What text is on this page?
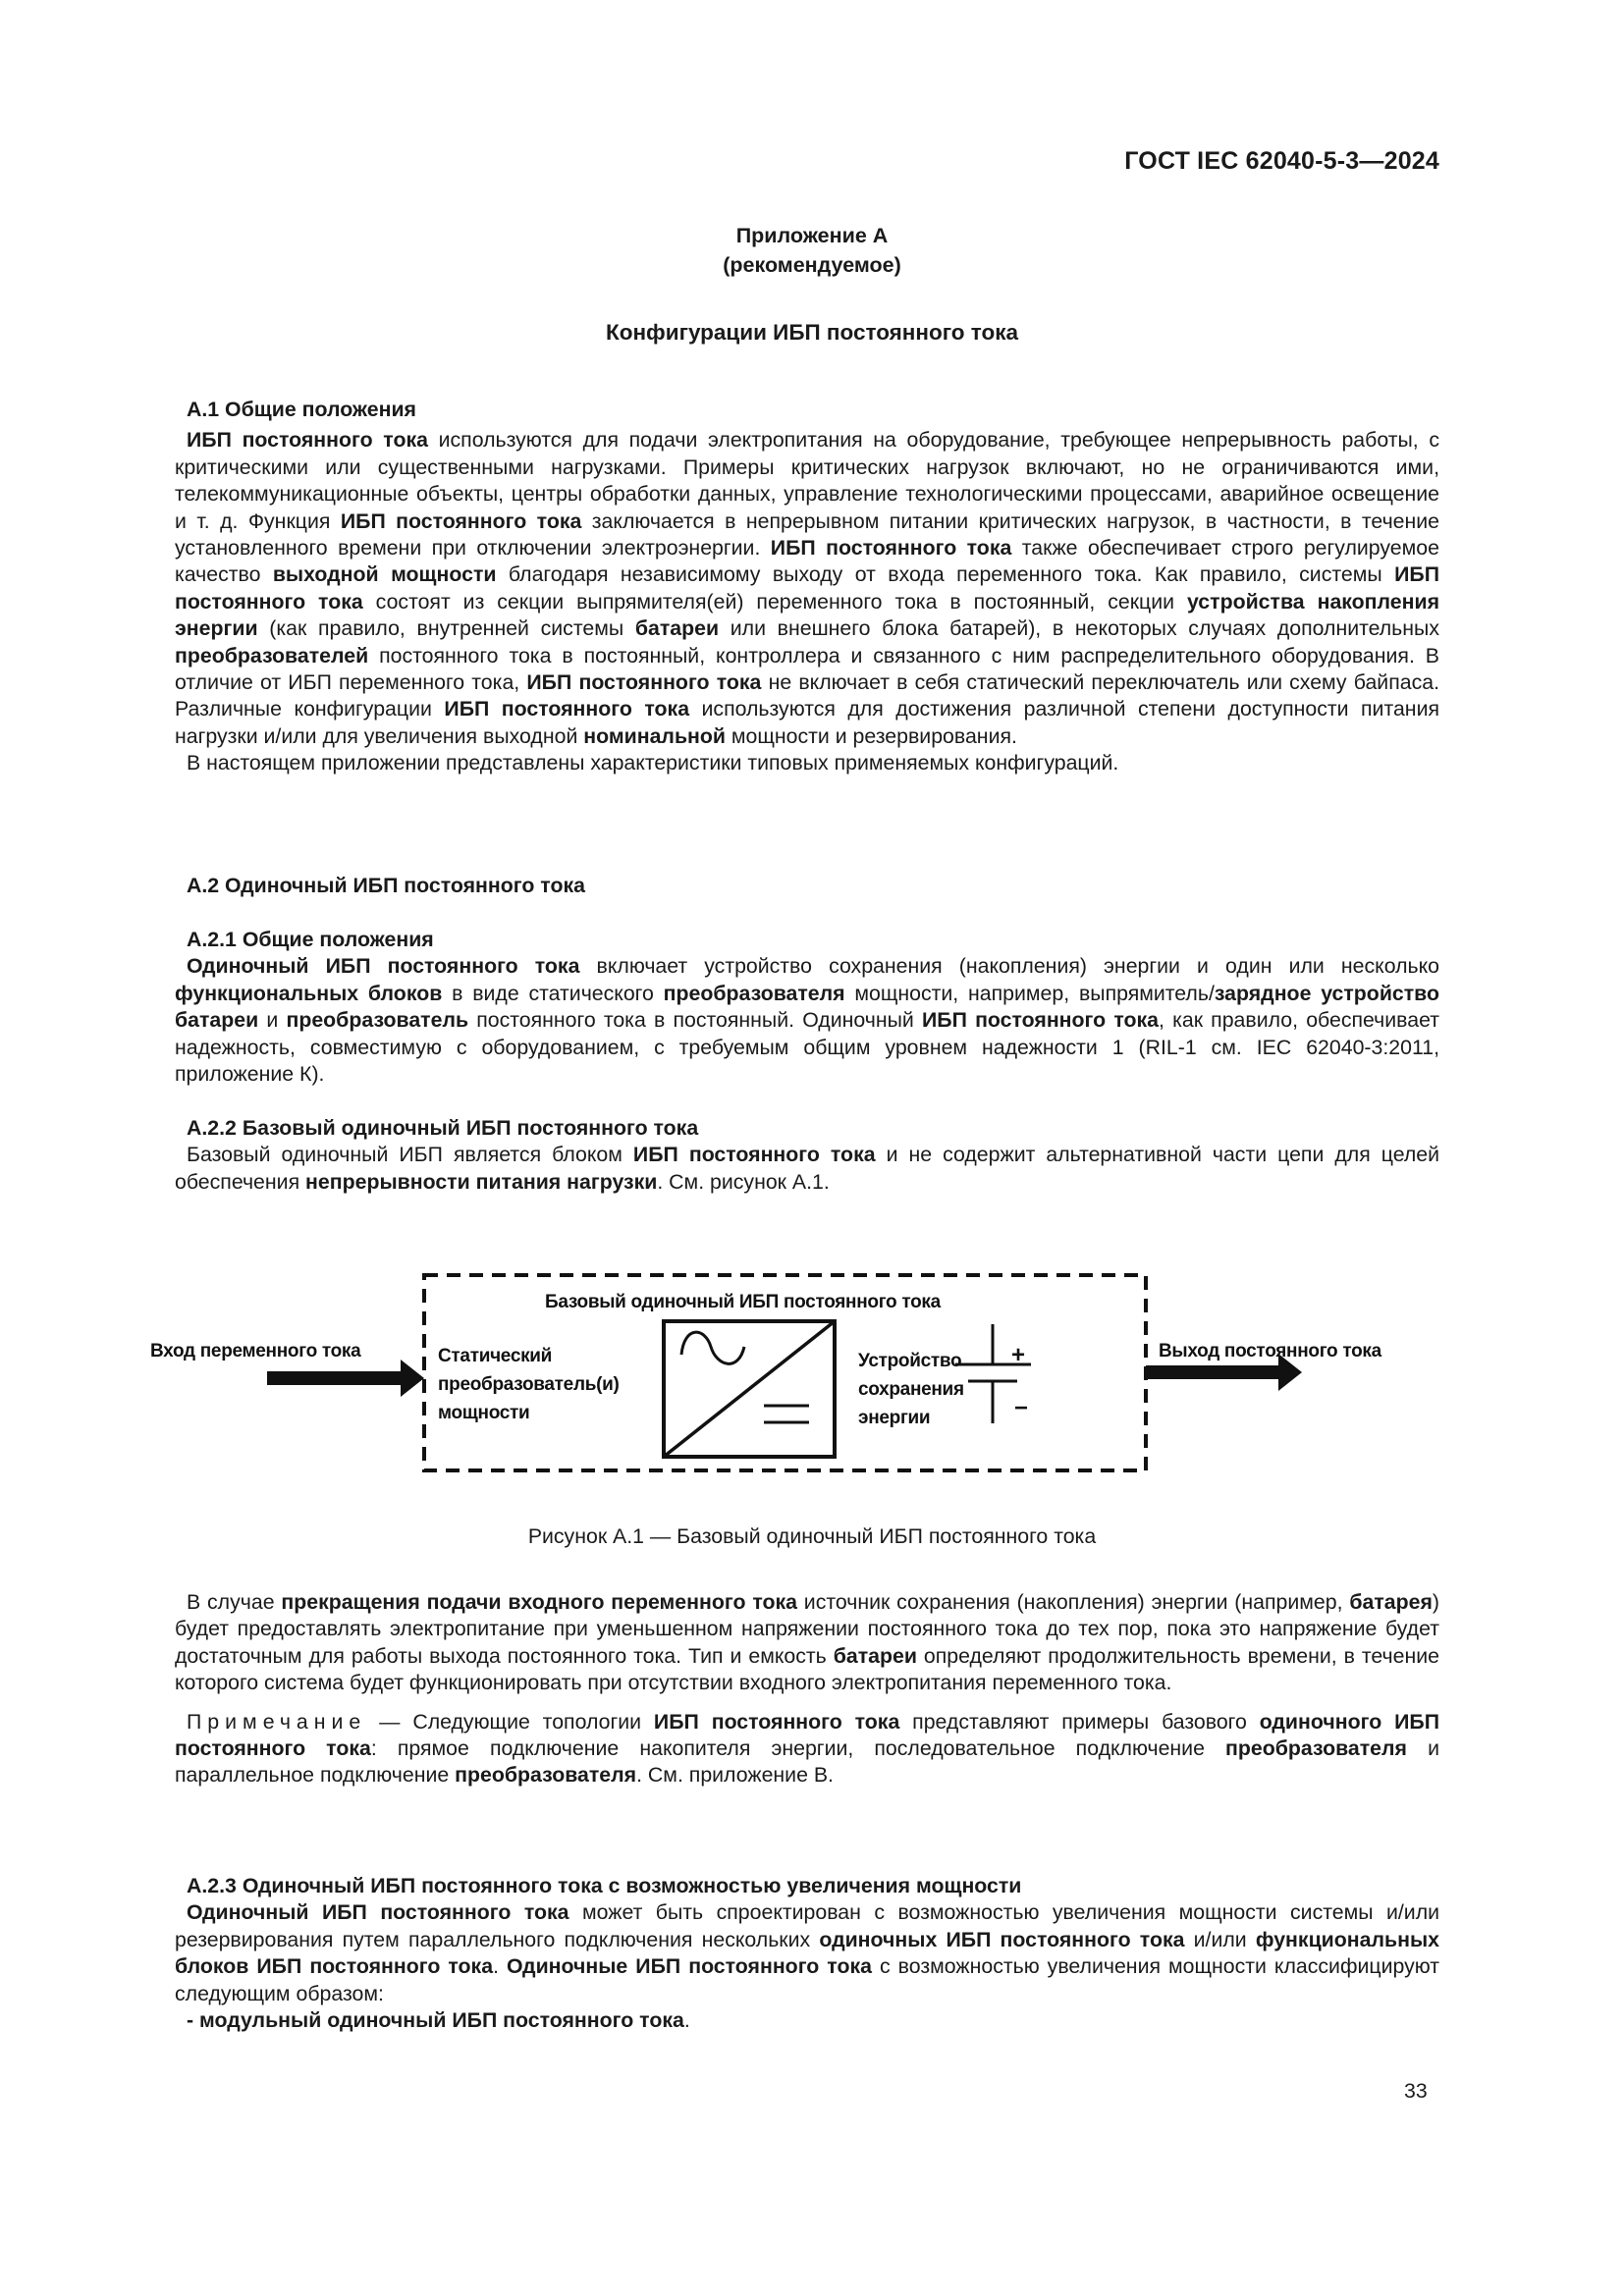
ГОСТ IEC 62040-5-3—2024
Приложение А
(рекомендуемое)
Конфигурации ИБП постоянного тока

А.1 Общие положения

ИБП постоянного тока используются для подачи электропитания на оборудование, требующее непрерывность работы, с критическими или существенными нагрузками. Примеры критических нагрузок включают, но не ограничиваются ими, телекоммуникационные объекты, центры обработки данных, управление технологическими процессами, аварийное освещение и т. д. Функция ИБП постоянного тока заключается в непрерывном питании критических нагрузок, в частности, в течение установленного времени при отключении электроэнергии. ИБП постоянного тока также обеспечивает строго регулируемое качество выходной мощности благодаря независимому выходу от входа переменного тока. Как правило, системы ИБП постоянного тока состоят из секции выпрямителя(ей) переменного тока в постоянный, секции устройства накопления энергии (как правило, внутренней системы батареи или внешнего блока батарей), в некоторых случаях дополнительных преобразователей постоянного тока в постоянный, контроллера и связанного с ним распределительного оборудования. В отличие от ИБП переменного тока, ИБП постоянного тока не включает в себя статический переключатель или схему байпаса. Различные конфигурации ИБП постоянного тока используются для достижения различной степени доступности питания нагрузки и/или для увеличения выходной номинальной мощности и резервирования.

В настоящем приложении представлены характеристики типовых применяемых конфигураций.

А.2 Одиночный ИБП постоянного тока

А.2.1 Общие положения

Одиночный ИБП постоянного тока включает устройство сохранения (накопления) энергии и один или несколько функциональных блоков в виде статического преобразователя мощности, например, выпрямитель/зарядное устройство батареи и преобразователь постоянного тока в постоянный. Одиночный ИБП постоянного тока, как правило, обеспечивает надежность, совместимую с оборудованием, с требуемым общим уровнем надежности 1 (RIL-1 см. IEC 62040-3:2011, приложение К).

А.2.2 Базовый одиночный ИБП постоянного тока

Базовый одиночный ИБП является блоком ИБП постоянного тока и не содержит альтернативной части цепи для целей обеспечения непрерывности питания нагрузки. См. рисунок А.1.

Базовый одиночный ИБП постоянного тока
Вход переменного тока	Выход постоянного тока
Статический
преобразователь(и)
мощности
Устройство
сохранения
энергии
+
−
Рисунок А.1 — Базовый одиночный ИБП постоянного тока

В случае прекращения подачи входного переменного тока источник сохранения (накопления) энергии (например, батарея) будет предоставлять электропитание при уменьшенном напряжении постоянного тока до тех пор, пока это напряжение будет достаточным для работы выхода постоянного тока. Тип и емкость батареи определяют продолжительность времени, в течение которого система будет функционировать при отсутствии входного электропитания переменного тока.

Примечание — Следующие топологии ИБП постоянного тока представляют примеры базового одиночного ИБП постоянного тока: прямое подключение накопителя энергии, последовательное подключение преобразователя и параллельное подключение преобразователя. См. приложение В.

А.2.3 Одиночный ИБП постоянного тока с возможностью увеличения мощности

Одиночный ИБП постоянного тока может быть спроектирован с возможностью увеличения мощности системы и/или резервирования путем параллельного подключения нескольких одиночных ИБП постоянного тока и/или функциональных блоков ИБП постоянного тока. Одиночные ИБП постоянного тока с возможностью увеличения мощности классифицируют следующим образом:

- модульный одиночный ИБП постоянного тока.

33
